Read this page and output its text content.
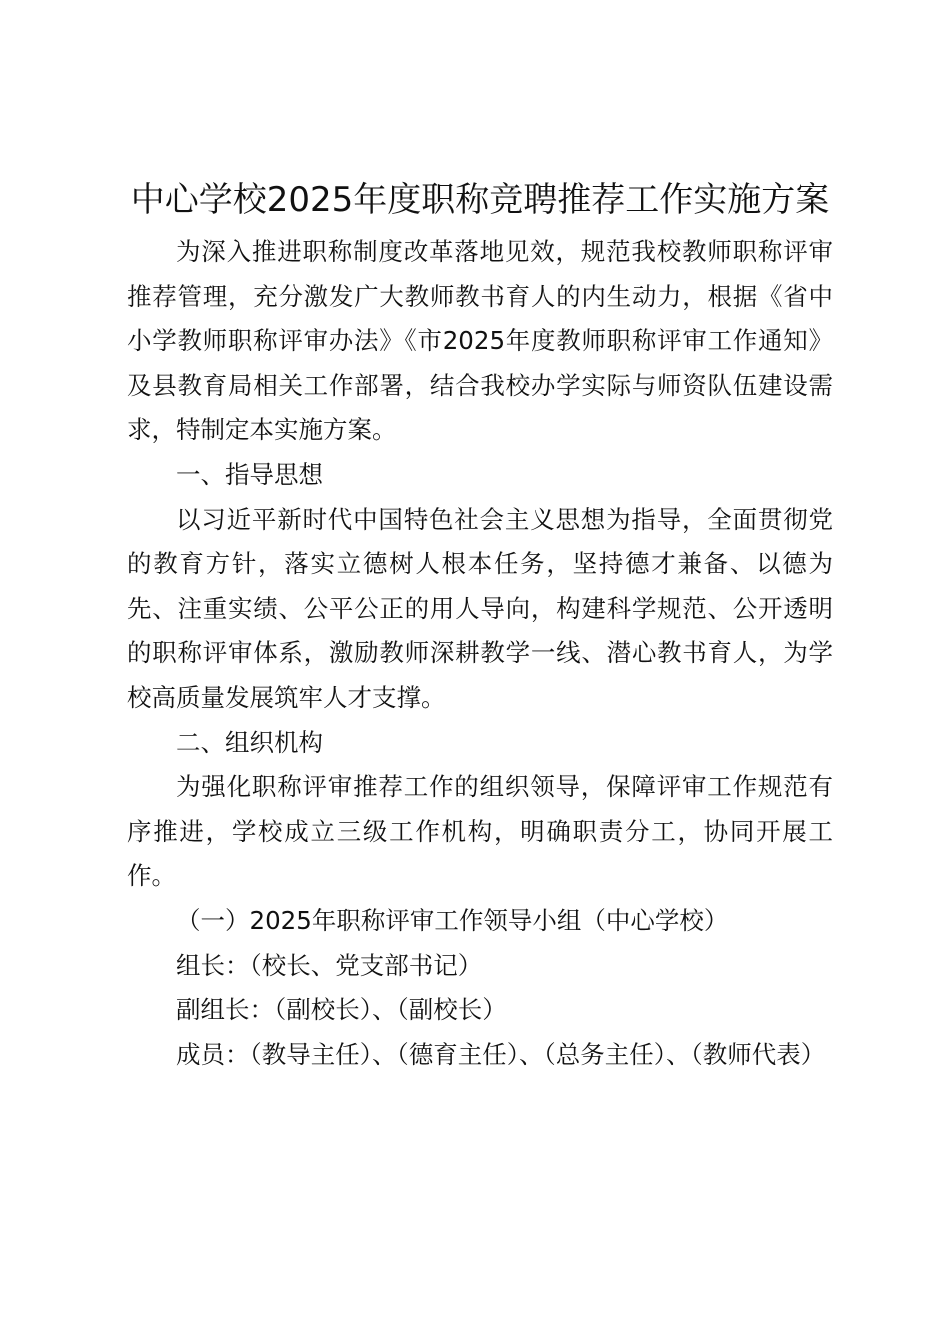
中心学校2025年度职称竞聘推荐工作实施方案

为深入推进职称制度改革落地见效，规范我校教师职称评审推荐管理，充分激发广大教师教书育人的内生动力，根据《省中小学教师职称评审办法》《市2025年度教师职称评审工作通知》及县教育局相关工作部署，结合我校办学实际与师资队伍建设需求，特制定本实施方案。

一、指导思想

以习近平新时代中国特色社会主义思想为指导，全面贯彻党的教育方针，落实立德树人根本任务，坚持德才兼备、以德为先、注重实绩、公平公正的用人导向，构建科学规范、公开透明的职称评审体系，激励教师深耕教学一线、潜心教书育人，为学校高质量发展筑牢人才支撑。

二、组织机构

为强化职称评审推荐工作的组织领导，保障评审工作规范有序推进，学校成立三级工作机构，明确职责分工，协同开展工作。

（一）2025年职称评审工作领导小组（中心学校）

组长：（校长、党支部书记）

副组长：（副校长）、（副校长）

成员：（教导主任）、（德育主任）、（总务主任）、（教师代表）
